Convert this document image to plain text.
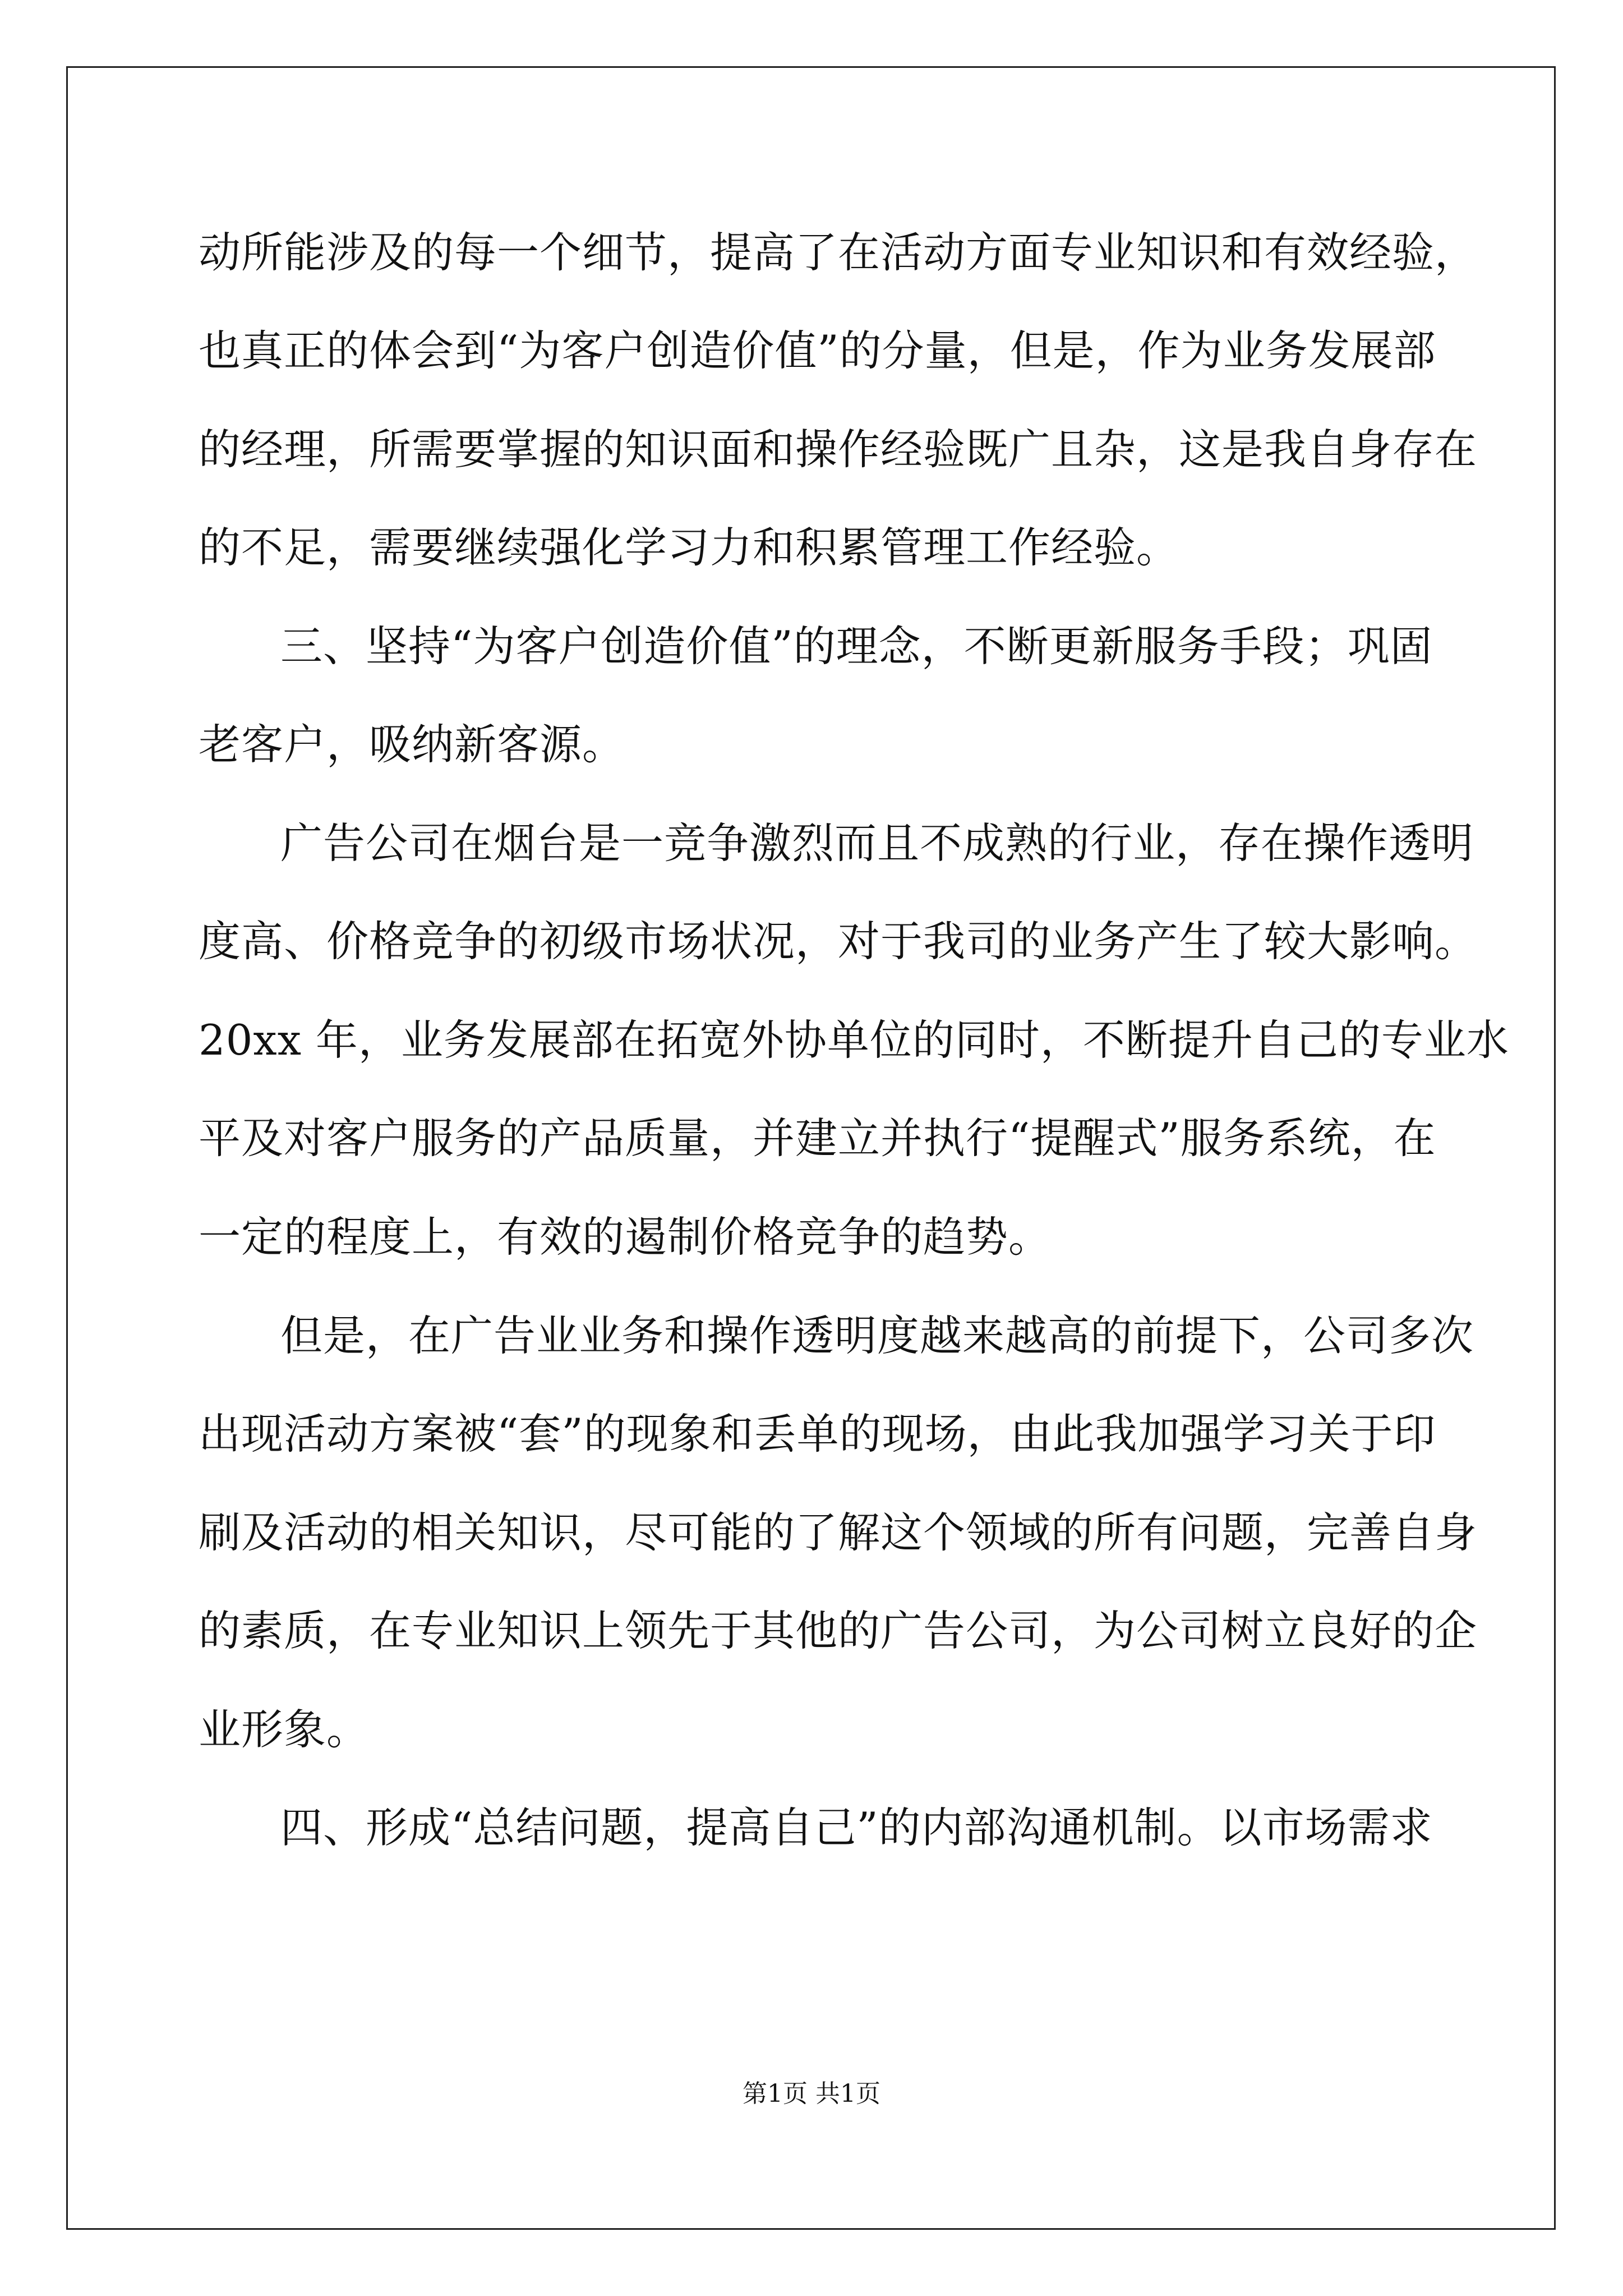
动所能涉及的每一个细节，提高了在活动方面专业知识和有效经验，
也真正的体会到“为客户创造价值”的分量，但是，作为业务发展部
的经理，所需要掌握的知识面和操作经验既广且杂，这是我自身存在
的不足，需要继续强化学习力和积累管理工作经验。
三、坚持“为客户创造价值”的理念，不断更新服务手段；巩固
老客户，吸纳新客源。
广告公司在烟台是一竞争激烈而且不成熟的行业，存在操作透明
度高、价格竞争的初级市场状况，对于我司的业务产生了较大影响。
20xx 年，业务发展部在拓宽外协单位的同时，不断提升自己的专业水
平及对客户服务的产品质量，并建立并执行“提醒式”服务系统，在
一定的程度上，有效的遏制价格竞争的趋势。
但是，在广告业业务和操作透明度越来越高的前提下，公司多次
出现活动方案被“套”的现象和丢单的现场，由此我加强学习关于印
刷及活动的相关知识，尽可能的了解这个领域的所有问题，完善自身
的素质，在专业知识上领先于其他的广告公司，为公司树立良好的企
业形象。
四、形成“总结问题，提高自己”的内部沟通机制。以市场需求
第1页 共1页
